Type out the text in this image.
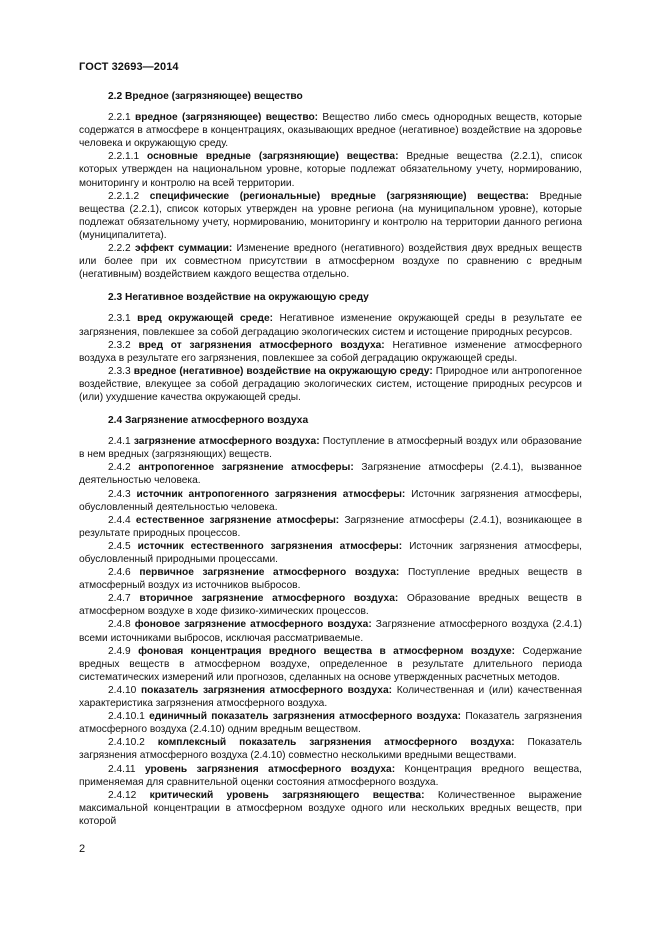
ГОСТ 32693—2014
2.2 Вредное (загрязняющее) вещество

2.2.1 вредное (загрязняющее) вещество: Вещество либо смесь однородных веществ, которые содержатся в атмосфере в концентрациях, оказывающих вредное (негативное) воздействие на здоровье человека и окружающую среду.

2.2.1.1 основные вредные (загрязняющие) вещества: Вредные вещества (2.2.1), список которых утвержден на национальном уровне, которые подлежат обязательному учету, нормированию, мониторингу и контролю на всей территории.

2.2.1.2 специфические (региональные) вредные (загрязняющие) вещества: Вредные вещества (2.2.1), список которых утвержден на уровне региона (на муниципальном уровне), которые подлежат обязательному учету, нормированию, мониторингу и контролю на территории данного региона (муниципалитета).

2.2.2 эффект суммации: Изменение вредного (негативного) воздействия двух вредных веществ или более при их совместном присутствии в атмосферном воздухе по сравнению с вредным (негативным) воздействием каждого вещества отдельно.

2.3 Негативное воздействие на окружающую среду

2.3.1 вред окружающей среде: Негативное изменение окружающей среды в результате ее загрязнения, повлекшее за собой деградацию экологических систем и истощение природных ресурсов.

2.3.2 вред от загрязнения атмосферного воздуха: Негативное изменение атмосферного воздуха в результате его загрязнения, повлекшее за собой деградацию окружающей среды.

2.3.3 вредное (негативное) воздействие на окружающую среду: Природное или антропогенное воздействие, влекущее за собой деградацию экологических систем, истощение природных ресурсов и (или) ухудшение качества окружающей среды.

2.4 Загрязнение атмосферного воздуха

2.4.1 загрязнение атмосферного воздуха: Поступление в атмосферный воздух или образование в нем вредных (загрязняющих) веществ.

2.4.2 антропогенное загрязнение атмосферы: Загрязнение атмосферы (2.4.1), вызванное деятельностью человека.

2.4.3 источник антропогенного загрязнения атмосферы: Источник загрязнения атмосферы, обусловленный деятельностью человека.

2.4.4 естественное загрязнение атмосферы: Загрязнение атмосферы (2.4.1), возникающее в результате природных процессов.

2.4.5 источник естественного загрязнения атмосферы: Источник загрязнения атмосферы, обусловленный природными процессами.

2.4.6 первичное загрязнение атмосферного воздуха: Поступление вредных веществ в атмосферный воздух из источников выбросов.

2.4.7 вторичное загрязнение атмосферного воздуха: Образование вредных веществ в атмосферном воздухе в ходе физико-химических процессов.

2.4.8 фоновое загрязнение атмосферного воздуха: Загрязнение атмосферного воздуха (2.4.1) всеми источниками выбросов, исключая рассматриваемые.

2.4.9 фоновая концентрация вредного вещества в атмосферном воздухе: Содержание вредных веществ в атмосферном воздухе, определенное в результате длительного периода систематических измерений или прогнозов, сделанных на основе утвержденных расчетных методов.

2.4.10 показатель загрязнения атмосферного воздуха: Количественная и (или) качественная характеристика загрязнения атмосферного воздуха.

2.4.10.1 единичный показатель загрязнения атмосферного воздуха: Показатель загрязнения атмосферного воздуха (2.4.10) одним вредным веществом.

2.4.10.2 комплексный показатель загрязнения атмосферного воздуха: Показатель загрязнения атмосферного воздуха (2.4.10) совместно несколькими вредными веществами.

2.4.11 уровень загрязнения атмосферного воздуха: Концентрация вредного вещества, применяемая для сравнительной оценки состояния атмосферного воздуха.

2.4.12 критический уровень загрязняющего вещества: Количественное выражение максимальной концентрации в атмосферном воздухе одного или нескольких вредных веществ, при которой

2
